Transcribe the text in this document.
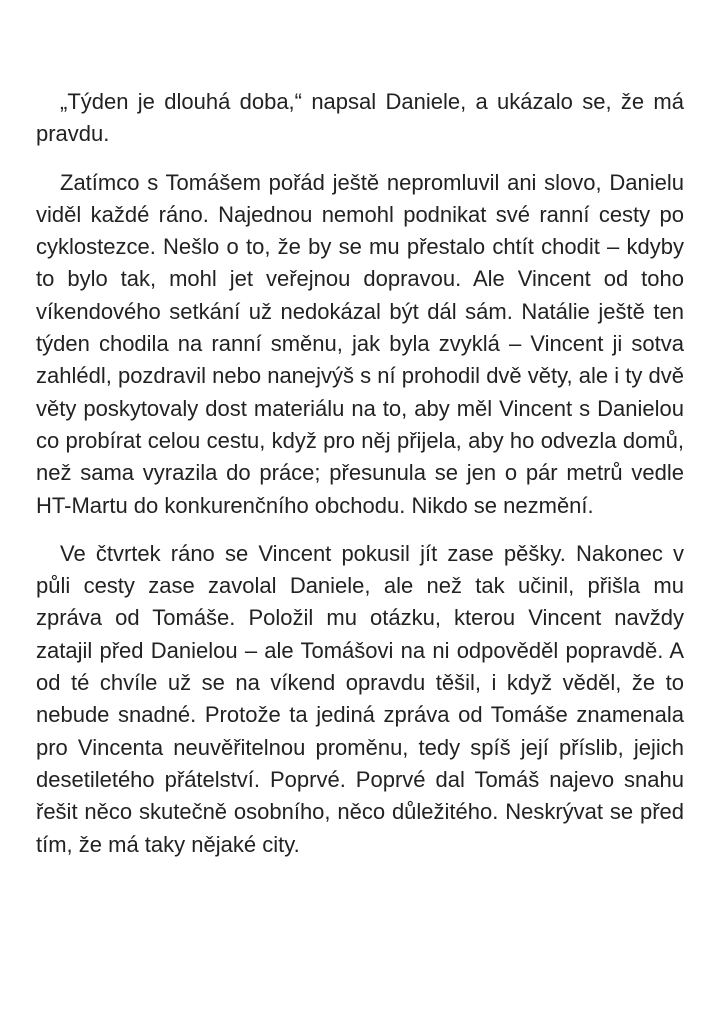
„Týden je dlouhá doba,“ napsal Daniele, a ukázalo se, že má pravdu.

Zatímco s Tomášem pořád ještě nepromluvil ani slovo, Danielu viděl každé ráno. Najednou nemohl podnikat své ranní cesty po cyklostezce. Nešlo o to, že by se mu přestalo chtít chodit – kdyby to bylo tak, mohl jet veřejnou dopravou. Ale Vincent od toho víkendového setkání už nedokázal být dál sám. Natálie ještě ten týden chodila na ranní směnu, jak byla zvyklá – Vincent ji sotva zahlédl, pozdravil nebo nanejvýš s ní prohodil dvě věty, ale i ty dvě věty poskytovaly dost materiálu na to, aby měl Vincent s Danielou co probírat celou cestu, když pro něj přijela, aby ho odvezla domů, než sama vyrazila do práce; přesunula se jen o pár metrů vedle HT-Martu do konkurenčního obchodu. Nikdo se nezmění.

Ve čtvrtek ráno se Vincent pokusil jít zase pěšky. Nakonec v půli cesty zase zavolal Daniele, ale než tak učinil, přišla mu zpráva od Tomáše. Položil mu otázku, kterou Vincent navždy zatajil před Danielou – ale Tomášovi na ni odpověděl popravdě. A od té chvíle už se na víkend opravdu těšil, i když věděl, že to nebude snadné. Protože ta jediná zpráva od Tomáše znamenala pro Vincenta neuvěřitelnou proměnu, tedy spíš její příslib, jejich desetiletého přátelství. Poprvé. Poprvé dal Tomáš najevo snahu řešit něco skutečně osobního, něco důležitého. Neskrývat se před tím, že má taky nějaké city.
